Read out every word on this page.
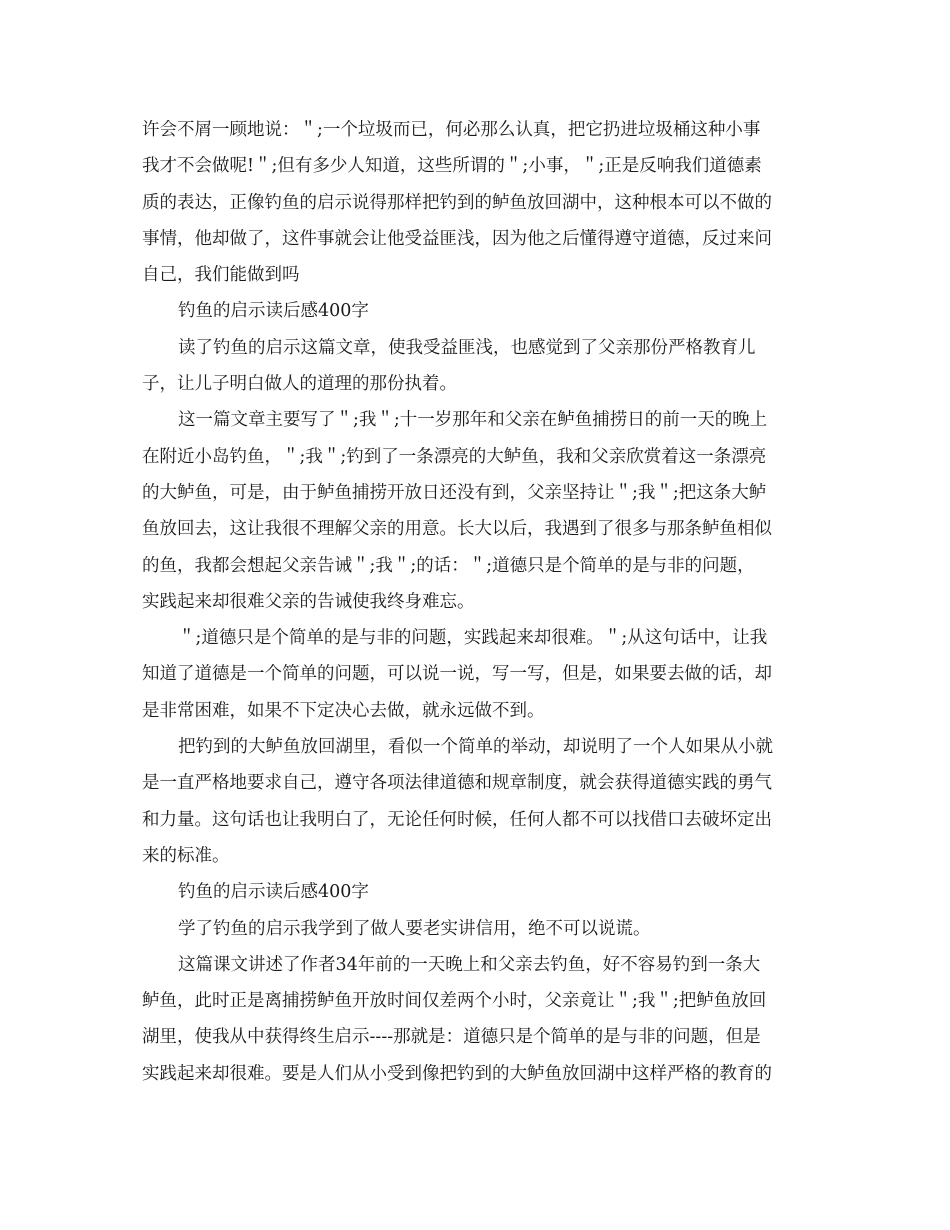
许会不屑一顾地说：＂;一个垃圾而已，何必那么认真，把它扔进垃圾桶这种小事
我才不会做呢!＂;但有多少人知道，这些所谓的＂;小事，＂;正是反响我们道德素
质的表达，正像钓鱼的启示说得那样把钓到的鲈鱼放回湖中，这种根本可以不做的
事情，他却做了，这件事就会让他受益匪浅，因为他之后懂得遵守道德，反过来问
自己，我们能做到吗
钓鱼的启示读后感400字
读了钓鱼的启示这篇文章，使我受益匪浅，也感觉到了父亲那份严格教育儿
子，让儿子明白做人的道理的那份执着。
这一篇文章主要写了＂;我＂;十一岁那年和父亲在鲈鱼捕捞日的前一天的晚上
在附近小岛钓鱼，＂;我＂;钓到了一条漂亮的大鲈鱼，我和父亲欣赏着这一条漂亮
的大鲈鱼，可是，由于鲈鱼捕捞开放日还没有到，父亲坚持让＂;我＂;把这条大鲈
鱼放回去，这让我很不理解父亲的用意。长大以后，我遇到了很多与那条鲈鱼相似
的鱼，我都会想起父亲告诫＂;我＂;的话：＂;道德只是个简单的是与非的问题，
实践起来却很难父亲的告诫使我终身难忘。
＂;道德只是个简单的是与非的问题，实践起来却很难。＂;从这句话中，让我
知道了道德是一个简单的问题，可以说一说，写一写，但是，如果要去做的话，却
是非常困难，如果不下定决心去做，就永远做不到。
把钓到的大鲈鱼放回湖里，看似一个简单的举动，却说明了一个人如果从小就
是一直严格地要求自己，遵守各项法律道德和规章制度，就会获得道德实践的勇气
和力量。这句话也让我明白了，无论任何时候，任何人都不可以找借口去破坏定出
来的标准。
钓鱼的启示读后感400字
学了钓鱼的启示我学到了做人要老实讲信用，绝不可以说谎。
这篇课文讲述了作者34年前的一天晚上和父亲去钓鱼，好不容易钓到一条大
鲈鱼，此时正是离捕捞鲈鱼开放时间仅差两个小时，父亲竟让＂;我＂;把鲈鱼放回
湖里，使我从中获得终生启示----那就是：道德只是个简单的是与非的问题，但是
实践起来却很难。要是人们从小受到像把钓到的大鲈鱼放回湖中这样严格的教育的
